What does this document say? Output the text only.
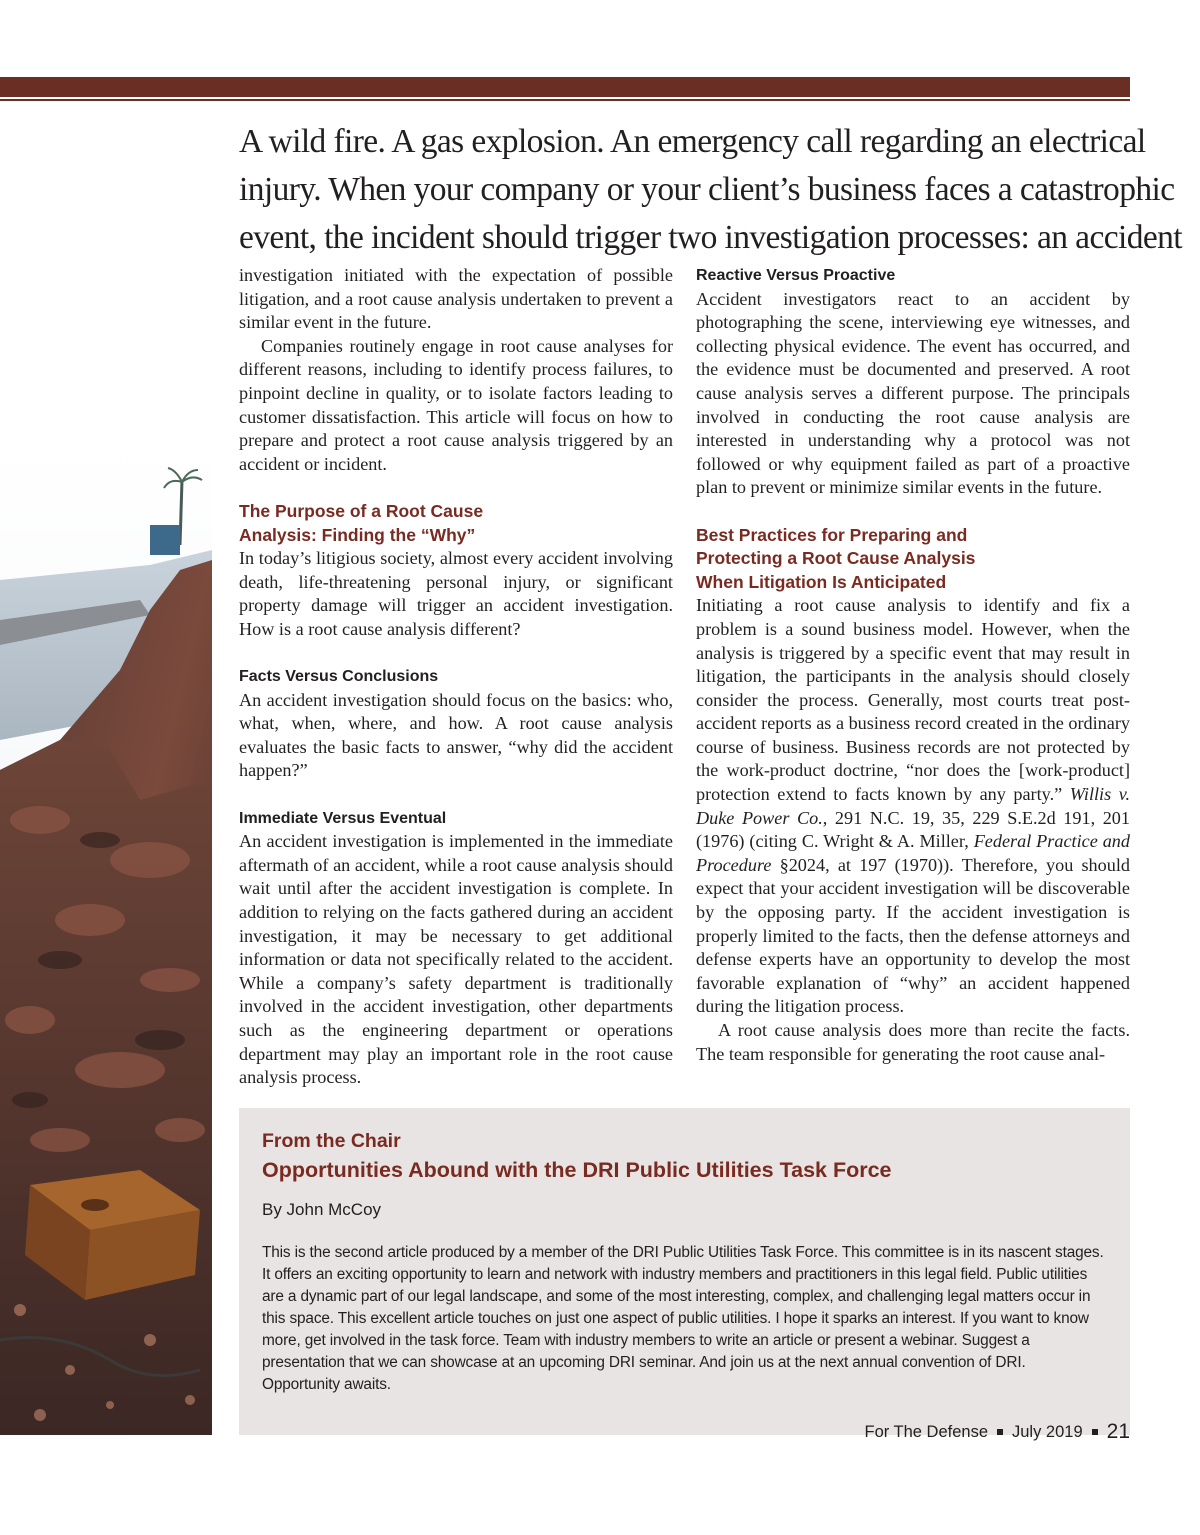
A wild fire. A gas explosion. An emergency call regarding an electrical
injury. When your company or your client’s business faces a catastrophic
event, the incident should trigger two investigation processes: an accident

investigation initiated with the expectation of possible litigation, and a root cause analysis undertaken to prevent a similar event in the future.

Companies routinely engage in root cause analyses for different reasons, including to identify process failures, to pinpoint decline in quality, or to isolate factors leading to customer dissatisfaction. This article will focus on how to prepare and protect a root cause analysis triggered by an accident or incident.

The Purpose of a Root Cause
Analysis: Finding the “Why”

In today’s litigious society, almost every accident involving death, life-threatening personal injury, or significant property damage will trigger an accident investigation. How is a root cause analysis different?

Facts Versus Conclusions

An accident investigation should focus on the basics: who, what, when, where, and how. A root cause analysis evaluates the basic facts to answer, “why did the accident happen?”

Immediate Versus Eventual

An accident investigation is implemented in the immediate aftermath of an accident, while a root cause analysis should wait until after the accident investigation is complete. In addition to relying on the facts gathered during an accident investigation, it may be necessary to get additional information or data not specifically related to the accident. While a company’s safety department is traditionally involved in the accident investigation, other departments such as the engineering department or operations department may play an important role in the root cause analysis process.

Reactive Versus Proactive

Accident investigators react to an accident by photographing the scene, interviewing eye witnesses, and collecting physical evidence. The event has occurred, and the evidence must be documented and preserved. A root cause analysis serves a different purpose. The principals involved in conducting the root cause analysis are interested in understanding why a protocol was not followed or why equipment failed as part of a proactive plan to prevent or minimize similar events in the future.

Best Practices for Preparing and
Protecting a Root Cause Analysis
When Litigation Is Anticipated

Initiating a root cause analysis to identify and fix a problem is a sound business model. However, when the analysis is triggered by a specific event that may result in litigation, the participants in the analysis should closely consider the process. Generally, most courts treat post-accident reports as a business record created in the ordinary course of business. Business records are not protected by the work-product doctrine, “nor does the [work-product] protection extend to facts known by any party.” Willis v. Duke Power Co., 291 N.C. 19, 35, 229 S.E.2d 191, 201 (1976) (citing C. Wright & A. Miller, Federal Practice and Procedure §2024, at 197 (1970)). Therefore, you should expect that your accident investigation will be discoverable by the opposing party. If the accident investigation is properly limited to the facts, then the defense attorneys and defense experts have an opportunity to develop the most favorable explanation of “why” an accident happened during the litigation process.

A root cause analysis does more than recite the facts. The team responsible for generating the root cause anal-

From the Chair
Opportunities Abound with the DRI Public Utilities Task Force
By John McCoy
This is the second article produced by a member of the DRI Public Utilities Task Force. This committee is in its nascent stages. It offers an exciting opportunity to learn and network with industry members and practitioners in this legal field. Public utilities are a dynamic part of our legal landscape, and some of the most interesting, complex, and challenging legal matters occur in this space. This excellent article touches on just one aspect of public utilities. I hope it sparks an interest. If you want to know more, get involved in the task force. Team with industry members to write an article or present a webinar. Suggest a presentation that we can showcase at an upcoming DRI seminar. And join us at the next annual convention of DRI. Opportunity awaits.
For The Defense July 2019 21
